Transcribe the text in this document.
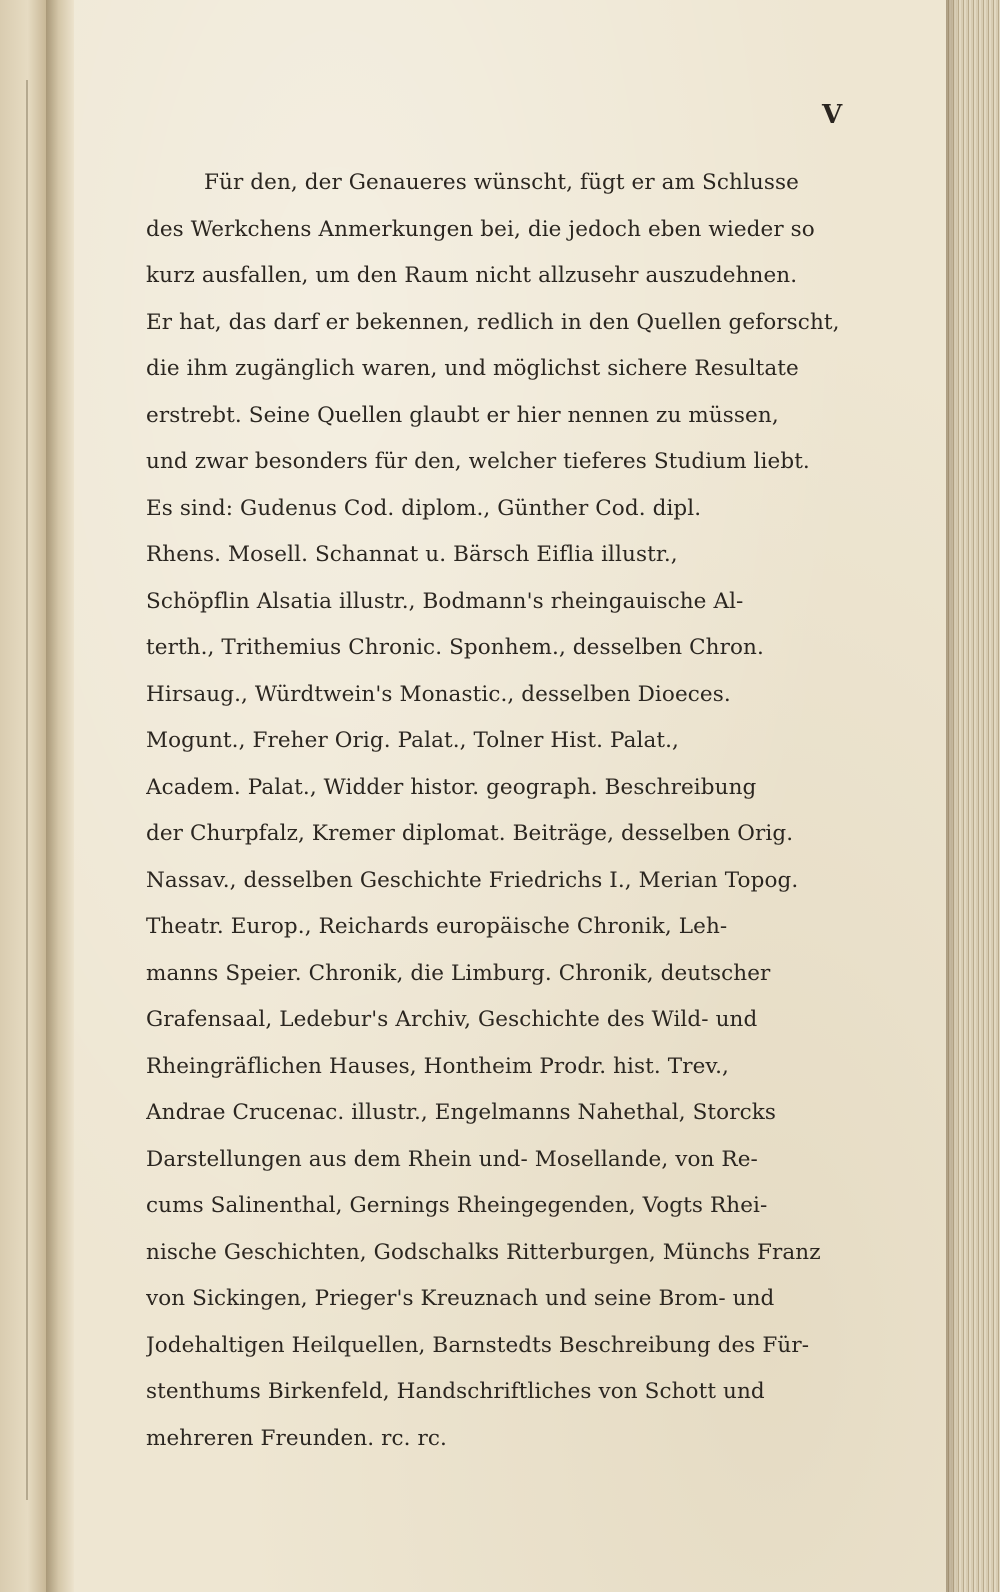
V
Für den, der Genaueres wünscht, fügt er am Schlusse
des Werkchens Anmerkungen bei, die jedoch eben wieder so
kurz ausfallen, um den Raum nicht allzusehr auszudehnen.
Er hat, das darf er bekennen, redlich in den Quellen geforscht,
die ihm zugänglich waren, und möglichst sichere Resultate
erstrebt. Seine Quellen glaubt er hier nennen zu müssen,
und zwar besonders für den, welcher tieferes Studium liebt.
Es sind: Gudenus Cod. diplom., Günther Cod. dipl.
Rhens. Mosell. Schannat u. Bärsch Eiflia illustr.,
Schöpflin Alsatia illustr., Bodmann's rheingauische Al-
terth., Trithemius Chronic. Sponhem., desselben Chron.
Hirsaug., Würdtwein's Monastic., desselben Dioeces.
Mogunt., Freher Orig. Palat., Tolner Hist. Palat.,
Academ. Palat., Widder histor. geograph. Beschreibung
der Churpfalz, Kremer diplomat. Beiträge, desselben Orig.
Nassav., desselben Geschichte Friedrichs I., Merian Topog.
Theatr. Europ., Reichards europäische Chronik, Leh-
manns Speier. Chronik, die Limburg. Chronik, deutscher
Grafensaal, Ledebur's Archiv, Geschichte des Wild- und
Rheingräflichen Hauses, Hontheim Prodr. hist. Trev.,
Andrae Crucenac. illustr., Engelmanns Nahethal, Storcks
Darstellungen aus dem Rhein und- Mosellande, von Re-
cums Salinenthal, Gernings Rheingegenden, Vogts Rhei-
nische Geschichten, Godschalks Ritterburgen, Münchs Franz
von Sickingen, Prieger's Kreuznach und seine Brom- und
Jodehaltigen Heilquellen, Barnstedts Beschreibung des Für-
stenthums Birkenfeld, Handschriftliches von Schott und
mehreren Freunden. rc. rc.
